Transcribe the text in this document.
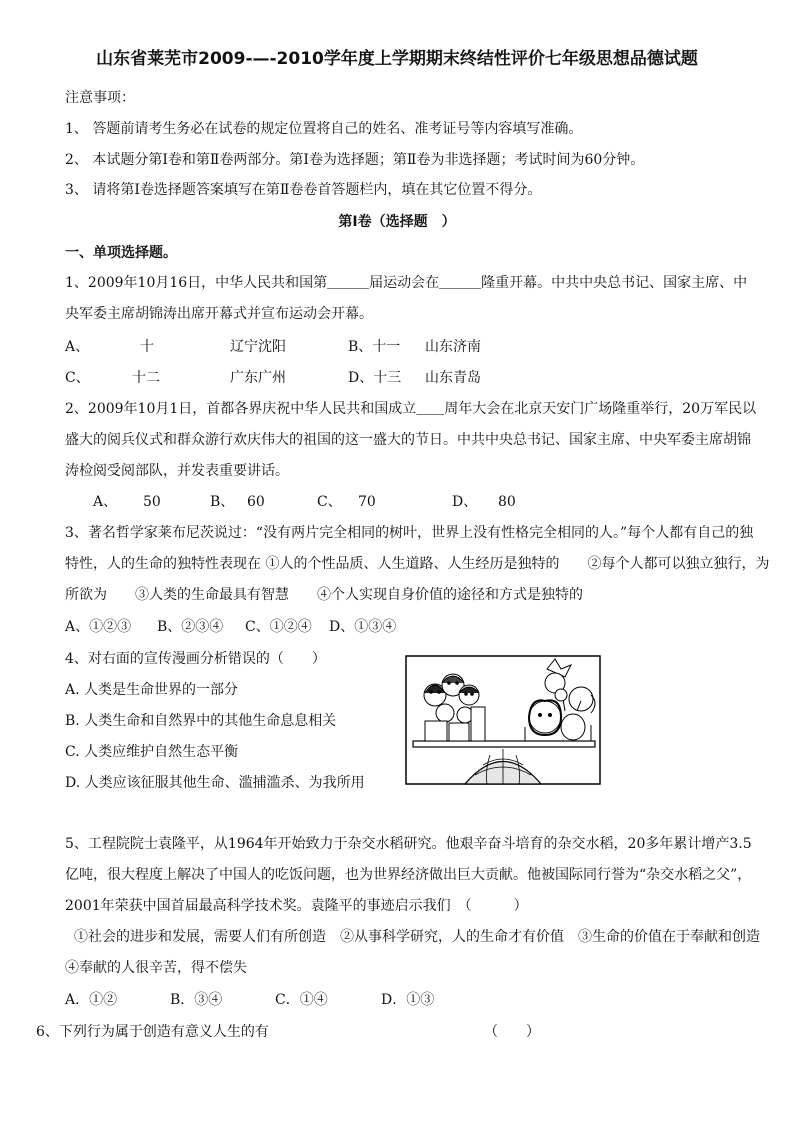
山东省莱芜市2009-—-2010学年度上学期期末终结性评价七年级思想品德试题
注意事项：
1、 答题前请考生务必在试卷的规定位置将自己的姓名、准考证号等内容填写准确。
2、 本试题分第Ⅰ卷和第Ⅱ卷两部分。第Ⅰ卷为选择题；第Ⅱ卷为非选择题；考试时间为60分钟。
3、 请将第Ⅰ卷选择题答案填写在第Ⅱ卷卷首答题栏内，填在其它位置不得分。
第Ⅰ卷（选择题　）
一、单项选择题。
1、2009年10月16日，中华人民共和国第＿＿＿届运动会在＿＿＿隆重开幕。中共中央总书记、国家主席、中
央军委主席胡锦涛出席开幕式并宣布运动会开幕。
A、	十	辽宁沈阳	B、十一 山东济南
C、	十二	广东广州	D、十三 山东青岛
2、2009年10月1日，首都各界庆祝中华人民共和国成立＿＿周年大会在北京天安门广场隆重举行，20万军民以
盛大的阅兵仪式和群众游行欢庆伟大的祖国的这一盛大的节日。中共中央总书记、国家主席、中央军委主席胡锦
涛检阅受阅部队，并发表重要讲话。
A、 50	B、 60	C、 70	D、 80
3、著名哲学家莱布尼茨说过：“没有两片完全相同的树叶，世界上没有性格完全相同的人。”每个人都有自己的独
特性，人的生命的独特性表现在 ①人的个性品质、人生道路、人生经历是独特的　　②每个人都可以独立独行，为
所欲为　　③人类的生命最具有智慧　　④个人实现自身价值的途径和方式是独特的
A、①②③ B、②③④ C、①②④ D、①③④
4、对右面的宣传漫画分析错误的（　　）
A. 人类是生命世界的一部分
B. 人类生命和自然界中的其他生命息息相关
C. 人类应维护自然生态平衡
D. 人类应该征服其他生命、滥捕滥杀、为我所用
5、工程院院士袁隆平，从1964年开始致力于杂交水稻研究。他艰辛奋斗培育的杂交水稻，20多年累计增产3.5
亿吨，很大程度上解决了中国人的吃饭问题，也为世界经济做出巨大贡献。他被国际同行誉为“杂交水稻之父”，
2001年荣获中国首届最高科学技术奖。袁隆平的事迹启示我们　（　　　）
①社会的进步和发展，需要人们有所创造　②从事科学研究，人的生命才有价值　③生命的价值在于奉献和创造
④奉献的人很辛苦，得不偿失
A．①②	B．③④	C．①④	D．①③
6、下列行为属于创造有意义人生的有	（　　）
